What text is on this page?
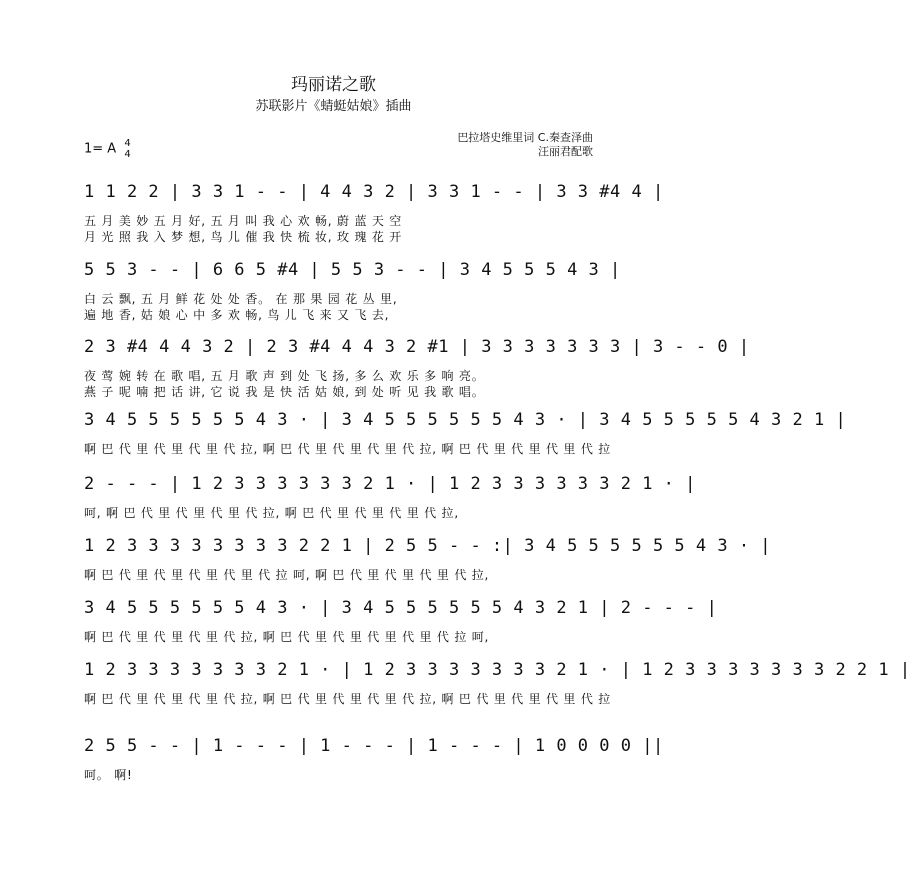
玛丽诺之歌
苏联影片《蜻蜓姑娘》插曲
1= A 4
4
巴拉塔史维里词 C.秦查泽曲
汪丽君配歌
1 1 2 2 | 3 3 1 - - | 4 4 3 2 | 3 3 1 - - | 3 3 #4 4 |
五 月 美 妙 五 月 好, 五 月 叫 我 心 欢 畅, 蔚 蓝 天 空
月 光 照 我 入 梦 想, 鸟 儿 催 我 快 梳 妆, 玫 瑰 花 开
5 5 3 - - | 6 6 5 #4 | 5 5 3 - - | 3 4 5 5 5 4 3 |
白 云 飘, 五 月 鲜 花 处 处 香。 在 那 果 园 花 丛 里,
遍 地 香, 姑 娘 心 中 多 欢 畅, 鸟 儿 飞 来 又 飞 去,
2 3 #4 4 4 3 2 | 2 3 #4 4 4 3 2 #1 | 3 3 3 3 3 3 3 | 3 - - 0 |
夜 莺 婉 转 在 歌 唱, 五 月 歌 声 到 处 飞 扬, 多 么 欢 乐 多 响 亮。
燕 子 呢 喃 把 话 讲, 它 说 我 是 快 活 姑 娘, 到 处 听 见 我 歌 唱。
3 4 5 5 5 5 5 5 4 3 · | 3 4 5 5 5 5 5 5 4 3 · | 3 4 5 5 5 5 5 4 3 2 1 |
啊 巴 代 里 代 里 代 里 代 拉, 啊 巴 代 里 代 里 代 里 代 拉, 啊 巴 代 里 代 里 代 里 代 拉
2 - - - | 1 2 3 3 3 3 3 3 2 1 · | 1 2 3 3 3 3 3 3 2 1 · |
呵, 啊 巴 代 里 代 里 代 里 代 拉, 啊 巴 代 里 代 里 代 里 代 拉,
1 2 3 3 3 3 3 3 3 3 2 2 1 | 2 5 5 - - :| 3 4 5 5 5 5 5 5 4 3 · |
啊 巴 代 里 代 里 代 里 代 里 代 拉 呵, 啊 巴 代 里 代 里 代 里 代 拉,
3 4 5 5 5 5 5 5 4 3 · | 3 4 5 5 5 5 5 5 4 3 2 1 | 2 - - - |
啊 巴 代 里 代 里 代 里 代 拉, 啊 巴 代 里 代 里 代 里 代 里 代 拉 呵,
1 2 3 3 3 3 3 3 3 2 1 · | 1 2 3 3 3 3 3 3 3 2 1 · | 1 2 3 3 3 3 3 3 3 2 2 1 |
啊 巴 代 里 代 里 代 里 代 拉, 啊 巴 代 里 代 里 代 里 代 拉, 啊 巴 代 里 代 里 代 里 代 拉
2 5 5 - - | 1 - - - | 1 - - - | 1 - - - | 1 0 0 0 0 ||
呵。 啊!
